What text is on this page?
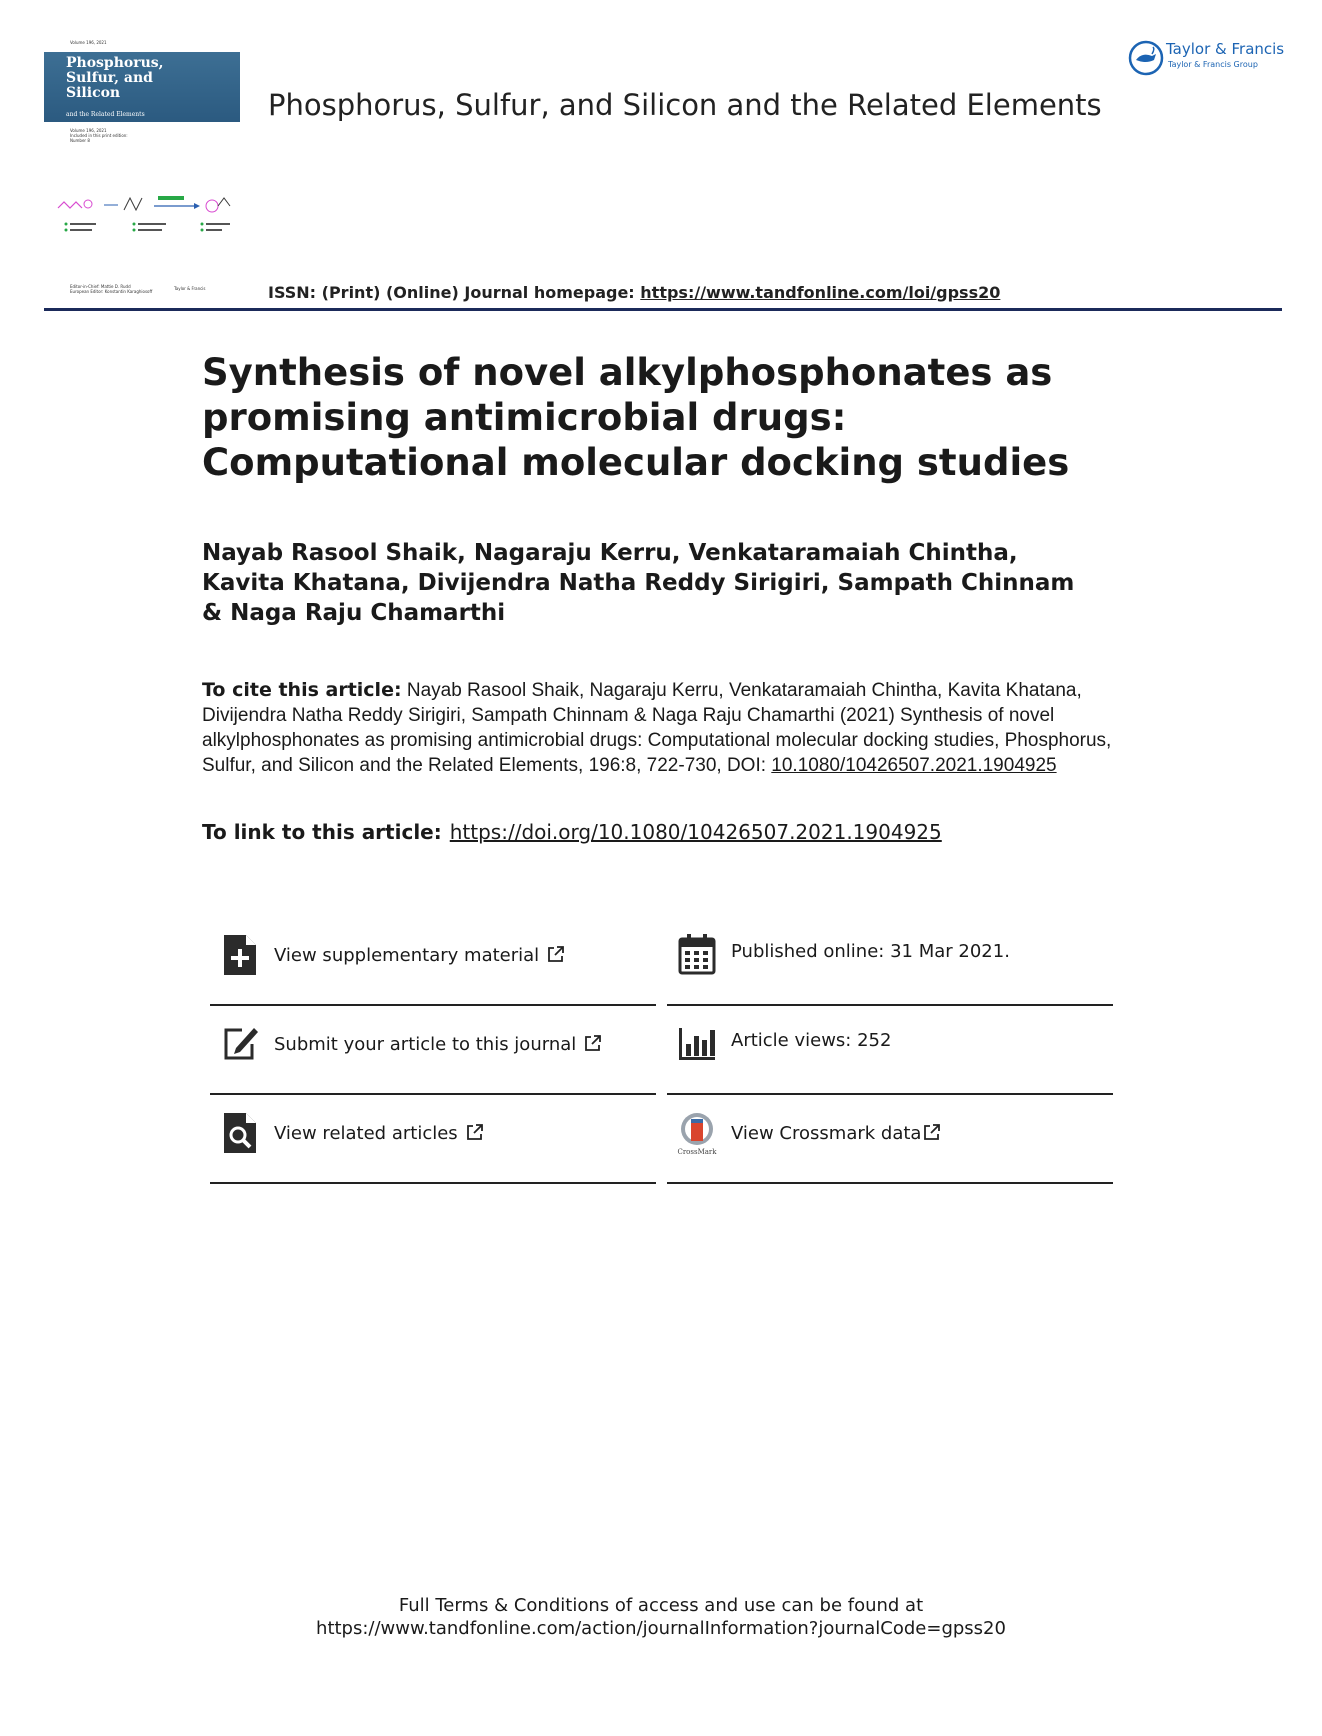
Volume 196, 2021
Phosphorus,
Sulfur, and
Silicon
and the Related Elements
Volume 196, 2021
Included in this print edition:
Number 8
Editor-in-Chief: Mattie D. Rudd
European Editor: Konstantin Karaghiosoff
Taylor & Francis
Phosphorus, Sulfur, and Silicon and the Related Elements
Taylor & Francis
Taylor & Francis Group
ISSN: (Print) (Online) Journal homepage: https://www.tandfonline.com/loi/gpss20
Synthesis of novel alkylphosphonates as promising antimicrobial drugs: Computational molecular docking studies
Nayab Rasool Shaik, Nagaraju Kerru, Venkataramaiah Chintha, Kavita Khatana, Divijendra Natha Reddy Sirigiri, Sampath Chinnam & Naga Raju Chamarthi
To cite this article: Nayab Rasool Shaik, Nagaraju Kerru, Venkataramaiah Chintha, Kavita Khatana, Divijendra Natha Reddy Sirigiri, Sampath Chinnam & Naga Raju Chamarthi (2021) Synthesis of novel alkylphosphonates as promising antimicrobial drugs: Computational molecular docking studies, Phosphorus, Sulfur, and Silicon and the Related Elements, 196:8, 722-730, DOI: 10.1080/10426507.2021.1904925
To link to this article: https://doi.org/10.1080/10426507.2021.1904925
View supplementary material	Published online: 31 Mar 2021.
Submit your article to this journal	Article views: 252
View related articles
CrossMark
View Crossmark data
Full Terms & Conditions of access and use can be found at
https://www.tandfonline.com/action/journalInformation?journalCode=gpss20
